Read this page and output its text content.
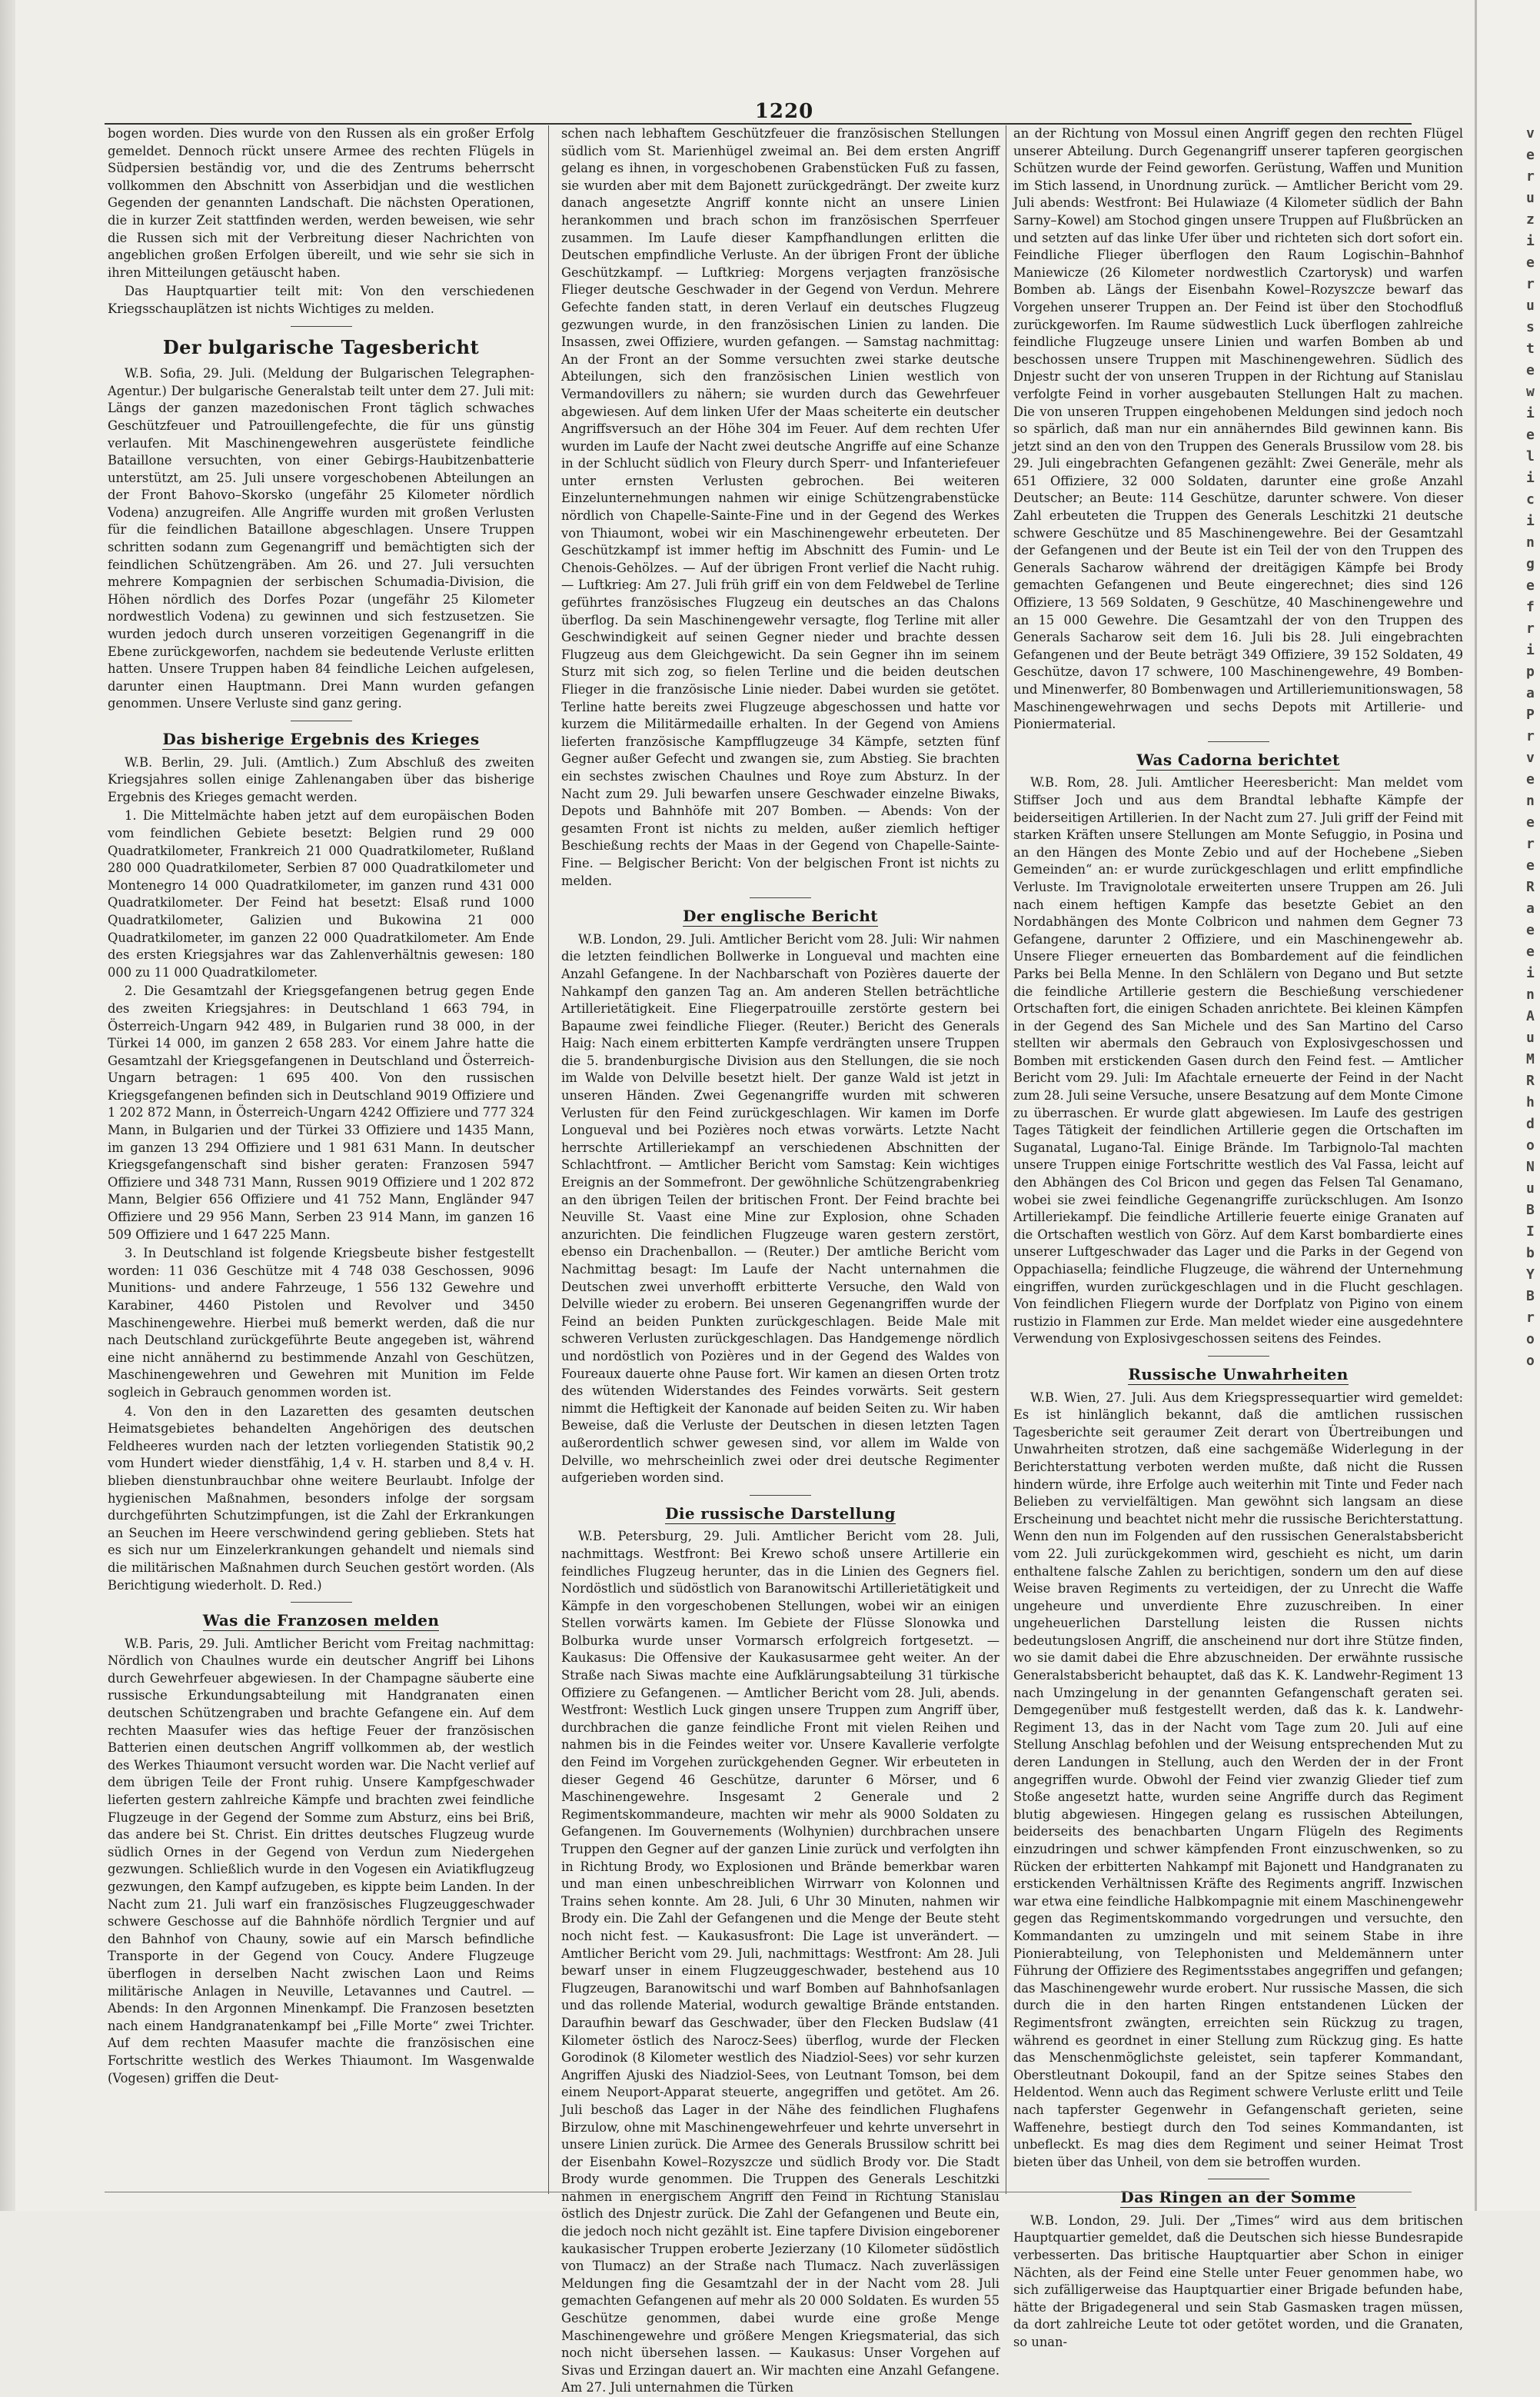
1220

bogen worden. Dies wurde von den Russen als ein großer Erfolg gemeldet. Dennoch rückt unsere Armee des rechten Flügels in Südpersien beständig vor, und die des Zentrums beherrscht vollkommen den Abschnitt von Asserbidjan und die westlichen Gegenden der genannten Landschaft. Die nächsten Operationen, die in kurzer Zeit stattfinden werden, werden beweisen, wie sehr die Russen sich mit der Verbreitung dieser Nachrichten von angeblichen großen Erfolgen übereilt, und wie sehr sie sich in ihren Mitteilungen getäuscht haben.

Das Hauptquartier teilt mit: Von den verschiedenen Kriegsschauplätzen ist nichts Wichtiges zu melden.

Der bulgarische Tagesbericht

W.B. Sofia, 29. Juli. (Meldung der Bulgarischen Telegraphen-Agentur.) Der bulgarische Generalstab teilt unter dem 27. Juli mit: Längs der ganzen mazedonischen Front täglich schwaches Geschützfeuer und Patrouillengefechte, die für uns günstig verlaufen. Mit Maschinengewehren ausgerüstete feindliche Bataillone versuchten, von einer Gebirgs-Haubitzenbatterie unterstützt, am 25. Juli unsere vorgeschobenen Abteilungen an der Front Bahovo–Skorsko (ungefähr 25 Kilometer nördlich Vodena) anzugreifen. Alle Angriffe wurden mit großen Verlusten für die feindlichen Bataillone abgeschlagen. Unsere Truppen schritten sodann zum Gegenangriff und bemächtigten sich der feindlichen Schützengräben. Am 26. und 27. Juli versuchten mehrere Kompagnien der serbischen Schumadia-Division, die Höhen nördlich des Dorfes Pozar (ungefähr 25 Kilometer nordwestlich Vodena) zu gewinnen und sich festzusetzen. Sie wurden jedoch durch unseren vorzeitigen Gegenangriff in die Ebene zurückgeworfen, nachdem sie bedeutende Verluste erlitten hatten. Unsere Truppen haben 84 feindliche Leichen aufgelesen, darunter einen Hauptmann. Drei Mann wurden gefangen genommen. Unsere Verluste sind ganz gering.

Das bisherige Ergebnis des Krieges

W.B. Berlin, 29. Juli. (Amtlich.) Zum Abschluß des zweiten Kriegsjahres sollen einige Zahlenangaben über das bisherige Ergebnis des Krieges gemacht werden.

1. Die Mittelmächte haben jetzt auf dem europäischen Boden vom feindlichen Gebiete besetzt: Belgien rund 29 000 Quadratkilometer, Frankreich 21 000 Quadratkilometer, Rußland 280 000 Quadratkilometer, Serbien 87 000 Quadratkilometer und Montenegro 14 000 Quadratkilometer, im ganzen rund 431 000 Quadratkilometer. Der Feind hat besetzt: Elsaß rund 1000 Quadratkilometer, Galizien und Bukowina 21 000 Quadratkilometer, im ganzen 22 000 Quadratkilometer. Am Ende des ersten Kriegsjahres war das Zahlenverhältnis gewesen: 180 000 zu 11 000 Quadratkilometer.

2. Die Gesamtzahl der Kriegsgefangenen betrug gegen Ende des zweiten Kriegsjahres: in Deutschland 1 663 794, in Österreich-Ungarn 942 489, in Bulgarien rund 38 000, in der Türkei 14 000, im ganzen 2 658 283. Vor einem Jahre hatte die Gesamtzahl der Kriegsgefangenen in Deutschland und Österreich-Ungarn betragen: 1 695 400. Von den russischen Kriegsgefangenen befinden sich in Deutschland 9019 Offiziere und 1 202 872 Mann, in Österreich-Ungarn 4242 Offiziere und 777 324 Mann, in Bulgarien und der Türkei 33 Offiziere und 1435 Mann, im ganzen 13 294 Offiziere und 1 981 631 Mann. In deutscher Kriegsgefangenschaft sind bisher geraten: Franzosen 5947 Offiziere und 348 731 Mann, Russen 9019 Offiziere und 1 202 872 Mann, Belgier 656 Offiziere und 41 752 Mann, Engländer 947 Offiziere und 29 956 Mann, Serben 23 914 Mann, im ganzen 16 509 Offiziere und 1 647 225 Mann.

3. In Deutschland ist folgende Kriegsbeute bisher festgestellt worden: 11 036 Geschütze mit 4 748 038 Geschossen, 9096 Munitions- und andere Fahrzeuge, 1 556 132 Gewehre und Karabiner, 4460 Pistolen und Revolver und 3450 Maschinengewehre. Hierbei muß bemerkt werden, daß die nur nach Deutschland zurückgeführte Beute angegeben ist, während eine nicht annähernd zu bestimmende Anzahl von Geschützen, Maschinengewehren und Gewehren mit Munition im Felde sogleich in Gebrauch genommen worden ist.

4. Von den in den Lazaretten des gesamten deutschen Heimatsgebietes behandelten Angehörigen des deutschen Feldheeres wurden nach der letzten vorliegenden Statistik 90,2 vom Hundert wieder dienstfähig, 1,4 v. H. starben und 8,4 v. H. blieben dienstunbrauchbar ohne weitere Beurlaubt. Infolge der hygienischen Maßnahmen, besonders infolge der sorgsam durchgeführten Schutzimpfungen, ist die Zahl der Erkrankungen an Seuchen im Heere verschwindend gering geblieben. Stets hat es sich nur um Einzelerkrankungen gehandelt und niemals sind die militärischen Maßnahmen durch Seuchen gestört worden. (Als Berichtigung wiederholt. D. Red.)

Was die Franzosen melden

W.B. Paris, 29. Juli. Amtlicher Bericht vom Freitag nachmittag: Nördlich von Chaulnes wurde ein deutscher Angriff bei Lihons durch Gewehrfeuer abgewiesen. In der Champagne säuberte eine russische Erkundungsabteilung mit Handgranaten einen deutschen Schützengraben und brachte Gefangene ein. Auf dem rechten Maasufer wies das heftige Feuer der französischen Batterien einen deutschen Angriff vollkommen ab, der westlich des Werkes Thiaumont versucht worden war. Die Nacht verlief auf dem übrigen Teile der Front ruhig. Unsere Kampfgeschwader lieferten gestern zahlreiche Kämpfe und brachten zwei feindliche Flugzeuge in der Gegend der Somme zum Absturz, eins bei Briß, das andere bei St. Christ. Ein drittes deutsches Flugzeug wurde südlich Ornes in der Gegend von Verdun zum Niedergehen gezwungen. Schließlich wurde in den Vogesen ein Aviatikflugzeug gezwungen, den Kampf aufzugeben, es kippte beim Landen. In der Nacht zum 21. Juli warf ein französisches Flugzeuggeschwader schwere Geschosse auf die Bahnhöfe nördlich Tergnier und auf den Bahnhof von Chauny, sowie auf ein Marsch befindliche Transporte in der Gegend von Coucy. Andere Flugzeuge überflogen in derselben Nacht zwischen Laon und Reims militärische Anlagen in Neuville, Letavannes und Cautrel. — Abends: In den Argonnen Minenkampf. Die Franzosen besetzten nach einem Handgranatenkampf bei „Fille Morte“ zwei Trichter. Auf dem rechten Maasufer machte die französischen eine Fortschritte westlich des Werkes Thiaumont. Im Wasgenwalde (Vogesen) griffen die Deut-

schen nach lebhaftem Geschützfeuer die französischen Stellungen südlich vom St. Marienhügel zweimal an. Bei dem ersten Angriff gelang es ihnen, in vorgeschobenen Grabenstücken Fuß zu fassen, sie wurden aber mit dem Bajonett zurückgedrängt. Der zweite kurz danach angesetzte Angriff konnte nicht an unsere Linien herankommen und brach schon im französischen Sperrfeuer zusammen. Im Laufe dieser Kampfhandlungen erlitten die Deutschen empfindliche Verluste. An der übrigen Front der übliche Geschützkampf. — Luftkrieg: Morgens verjagten französische Flieger deutsche Geschwader in der Gegend von Verdun. Mehrere Gefechte fanden statt, in deren Verlauf ein deutsches Flugzeug gezwungen wurde, in den französischen Linien zu landen. Die Insassen, zwei Offiziere, wurden gefangen. — Samstag nachmittag: An der Front an der Somme versuchten zwei starke deutsche Abteilungen, sich den französischen Linien westlich von Vermandovillers zu nähern; sie wurden durch das Gewehrfeuer abgewiesen. Auf dem linken Ufer der Maas scheiterte ein deutscher Angriffsversuch an der Höhe 304 im Feuer. Auf dem rechten Ufer wurden im Laufe der Nacht zwei deutsche Angriffe auf eine Schanze in der Schlucht südlich von Fleury durch Sperr- und Infanteriefeuer unter ernsten Verlusten gebrochen. Bei weiteren Einzelunternehmungen nahmen wir einige Schützengrabenstücke nördlich von Chapelle-Sainte-Fine und in der Gegend des Werkes von Thiaumont, wobei wir ein Maschinengewehr erbeuteten. Der Geschützkampf ist immer heftig im Abschnitt des Fumin- und Le Chenois-Gehölzes. — Auf der übrigen Front verlief die Nacht ruhig. — Luftkrieg: Am 27. Juli früh griff ein von dem Feldwebel de Terline geführtes französisches Flugzeug ein deutsches an das Chalons überflog. Da sein Maschinengewehr versagte, flog Terline mit aller Geschwindigkeit auf seinen Gegner nieder und brachte dessen Flugzeug aus dem Gleichgewicht. Da sein Gegner ihn im seinem Sturz mit sich zog, so fielen Terline und die beiden deutschen Flieger in die französische Linie nieder. Dabei wurden sie getötet. Terline hatte bereits zwei Flugzeuge abgeschossen und hatte vor kurzem die Militärmedaille erhalten. In der Gegend von Amiens lieferten französische Kampfflugzeuge 34 Kämpfe, setzten fünf Gegner außer Gefecht und zwangen sie, zum Abstieg. Sie brachten ein sechstes zwischen Chaulnes und Roye zum Absturz. In der Nacht zum 29. Juli bewarfen unsere Geschwader einzelne Biwaks, Depots und Bahnhöfe mit 207 Bomben. — Abends: Von der gesamten Front ist nichts zu melden, außer ziemlich heftiger Beschießung rechts der Maas in der Gegend von Chapelle-Sainte-Fine. — Belgischer Bericht: Von der belgischen Front ist nichts zu melden.

Der englische Bericht

W.B. London, 29. Juli. Amtlicher Bericht vom 28. Juli: Wir nahmen die letzten feindlichen Bollwerke in Longueval und machten eine Anzahl Gefangene. In der Nachbarschaft von Pozières dauerte der Nahkampf den ganzen Tag an. Am anderen Stellen beträchtliche Artillerietätigkeit. Eine Fliegerpatrouille zerstörte gestern bei Bapaume zwei feindliche Flieger. (Reuter.) Bericht des Generals Haig: Nach einem erbitterten Kampfe verdrängten unsere Truppen die 5. brandenburgische Division aus den Stellungen, die sie noch im Walde von Delville besetzt hielt. Der ganze Wald ist jetzt in unseren Händen. Zwei Gegenangriffe wurden mit schweren Verlusten für den Feind zurückgeschlagen. Wir kamen im Dorfe Longueval und bei Pozières noch etwas vorwärts. Letzte Nacht herrschte Artilleriekampf an verschiedenen Abschnitten der Schlachtfront. — Amtlicher Bericht vom Samstag: Kein wichtiges Ereignis an der Sommefront. Der gewöhnliche Schützengrabenkrieg an den übrigen Teilen der britischen Front. Der Feind brachte bei Neuville St. Vaast eine Mine zur Explosion, ohne Schaden anzurichten. Die feindlichen Flugzeuge waren gestern zerstört, ebenso ein Drachenballon. — (Reuter.) Der amtliche Bericht vom Nachmittag besagt: Im Laufe der Nacht unternahmen die Deutschen zwei unverhofft erbitterte Versuche, den Wald von Delville wieder zu erobern. Bei unseren Gegenangriffen wurde der Feind an beiden Punkten zurückgeschlagen. Beide Male mit schweren Verlusten zurückgeschlagen. Das Handgemenge nördlich und nordöstlich von Pozières und in der Gegend des Waldes von Foureaux dauerte ohne Pause fort. Wir kamen an diesen Orten trotz des wütenden Widerstandes des Feindes vorwärts. Seit gestern nimmt die Heftigkeit der Kanonade auf beiden Seiten zu. Wir haben Beweise, daß die Verluste der Deutschen in diesen letzten Tagen außerordentlich schwer gewesen sind, vor allem im Walde von Delville, wo mehrscheinlich zwei oder drei deutsche Regimenter aufgerieben worden sind.

Die russische Darstellung

W.B. Petersburg, 29. Juli. Amtlicher Bericht vom 28. Juli, nachmittags. Westfront: Bei Krewo schoß unsere Artillerie ein feindliches Flugzeug herunter, das in die Linien des Gegners fiel. Nordöstlich und südöstlich von Baranowitschi Artillerietätigkeit und Kämpfe in den vorgeschobenen Stellungen, wobei wir an einigen Stellen vorwärts kamen. Im Gebiete der Flüsse Slonowka und Bolburka wurde unser Vormarsch erfolgreich fortgesetzt. — Kaukasus: Die Offensive der Kaukasusarmee geht weiter. An der Straße nach Siwas machte eine Aufklärungsabteilung 31 türkische Offiziere zu Gefangenen. — Amtlicher Bericht vom 28. Juli, abends. Westfront: Westlich Luck gingen unsere Truppen zum Angriff über, durchbrachen die ganze feindliche Front mit vielen Reihen und nahmen bis in die Feindes weiter vor. Unsere Kavallerie verfolgte den Feind im Vorgehen zurückgehenden Gegner. Wir erbeuteten in dieser Gegend 46 Geschütze, darunter 6 Mörser, und 6 Maschinengewehre. Insgesamt 2 Generale und 2 Regimentskommandeure, machten wir mehr als 9000 Soldaten zu Gefangenen. Im Gouvernements (Wolhynien) durchbrachen unsere Truppen den Gegner auf der ganzen Linie zurück und verfolgten ihn in Richtung Brody, wo Explosionen und Brände bemerkbar waren und man einen unbeschreiblichen Wirrwarr von Kolonnen und Trains sehen konnte. Am 28. Juli, 6 Uhr 30 Minuten, nahmen wir Brody ein. Die Zahl der Gefangenen und die Menge der Beute steht noch nicht fest. — Kaukasusfront: Die Lage ist unverändert. — Amtlicher Bericht vom 29. Juli, nachmittags: Westfront: Am 28. Juli bewarf unser in einem Flugzeuggeschwader, bestehend aus 10 Flugzeugen, Baranowitschi und warf Bomben auf Bahnhofsanlagen und das rollende Material, wodurch gewaltige Brände entstanden. Daraufhin bewarf das Geschwader, über den Flecken Budslaw (41 Kilometer östlich des Narocz-Sees) überflog, wurde der Flecken Gorodinok (8 Kilometer westlich des Niadziol-Sees) vor sehr kurzen Angriffen Ajuski des Niadziol-Sees, von Leutnant Tomson, bei dem einem Neuport-Apparat steuerte, angegriffen und getötet. Am 26. Juli beschoß das Lager in der Nähe des feindlichen Flughafens Birzulow, ohne mit Maschinengewehrfeuer und kehrte unversehrt in unsere Linien zurück. Die Armee des Generals Brussilow schritt bei der Eisenbahn Kowel–Rozyszcze und südlich Brody vor. Die Stadt Brody wurde genommen. Die Truppen des Generals Leschitzki nahmen in energischem Angriff den Feind in Richtung Stanislau östlich des Dnjestr zurück. Die Zahl der Gefangenen und Beute ein, die jedoch noch nicht gezählt ist. Eine tapfere Division eingeborener kaukasischer Truppen eroberte Jezierzany (10 Kilometer südöstlich von Tlumacz) an der Straße nach Tlumacz. Nach zuverlässigen Meldungen fing die Gesamtzahl der in der Nacht vom 28. Juli gemachten Gefangenen auf mehr als 20 000 Soldaten. Es wurden 55 Geschütze genommen, dabei wurde eine große Menge Maschinengewehre und größere Mengen Kriegsmaterial, das sich noch nicht übersehen lassen. — Kaukasus: Unser Vorgehen auf Sivas und Erzingan dauert an. Wir machten eine Anzahl Gefangene. Am 27. Juli unternahmen die Türken

an der Richtung von Mossul einen Angriff gegen den rechten Flügel unserer Abteilung. Durch Gegenangriff unserer tapferen georgischen Schützen wurde der Feind geworfen. Gerüstung, Waffen und Munition im Stich lassend, in Unordnung zurück. — Amtlicher Bericht vom 29. Juli abends: Westfront: Bei Hulawiaze (4 Kilometer südlich der Bahn Sarny–Kowel) am Stochod gingen unsere Truppen auf Flußbrücken an und setzten auf das linke Ufer über und richteten sich dort sofort ein. Feindliche Flieger überflogen den Raum Logischin–Bahnhof Maniewicze (26 Kilometer nordwestlich Czartorysk) und warfen Bomben ab. Längs der Eisenbahn Kowel–Rozyszcze bewarf das Vorgehen unserer Truppen an. Der Feind ist über den Stochodfluß zurückgeworfen. Im Raume südwestlich Luck überflogen zahlreiche feindliche Flugzeuge unsere Linien und warfen Bomben ab und beschossen unsere Truppen mit Maschinengewehren. Südlich des Dnjestr sucht der von unseren Truppen in der Richtung auf Stanislau verfolgte Feind in vorher ausgebauten Stellungen Halt zu machen. Die von unseren Truppen eingehobenen Meldungen sind jedoch noch so spärlich, daß man nur ein annäherndes Bild gewinnen kann. Bis jetzt sind an den von den Truppen des Generals Brussilow vom 28. bis 29. Juli eingebrachten Gefangenen gezählt: Zwei Generäle, mehr als 651 Offiziere, 32 000 Soldaten, darunter eine große Anzahl Deutscher; an Beute: 114 Geschütze, darunter schwere. Von dieser Zahl erbeuteten die Truppen des Generals Leschitzki 21 deutsche schwere Geschütze und 85 Maschinengewehre. Bei der Gesamtzahl der Gefangenen und der Beute ist ein Teil der von den Truppen des Generals Sacharow während der dreitägigen Kämpfe bei Brody gemachten Gefangenen und Beute eingerechnet; dies sind 126 Offiziere, 13 569 Soldaten, 9 Geschütze, 40 Maschinengewehre und an 15 000 Gewehre. Die Gesamtzahl der von den Truppen des Generals Sacharow seit dem 16. Juli bis 28. Juli eingebrachten Gefangenen und der Beute beträgt 349 Offiziere, 39 152 Soldaten, 49 Geschütze, davon 17 schwere, 100 Maschinengewehre, 49 Bomben- und Minenwerfer, 80 Bombenwagen und Artilleriemunitionswagen, 58 Maschinengewehrwagen und sechs Depots mit Artillerie- und Pioniermaterial.

Was Cadorna berichtet

W.B. Rom, 28. Juli. Amtlicher Heeresbericht: Man meldet vom Stiffser Joch und aus dem Brandtal lebhafte Kämpfe der beiderseitigen Artillerien. In der Nacht zum 27. Juli griff der Feind mit starken Kräften unsere Stellungen am Monte Sefuggio, in Posina und an den Hängen des Monte Zebio und auf der Hochebene „Sieben Gemeinden“ an: er wurde zurückgeschlagen und erlitt empfindliche Verluste. Im Travignolotale erweiterten unsere Truppen am 26. Juli nach einem heftigen Kampfe das besetzte Gebiet an den Nordabhängen des Monte Colbricon und nahmen dem Gegner 73 Gefangene, darunter 2 Offiziere, und ein Maschinengewehr ab. Unsere Flieger erneuerten das Bombardement auf die feindlichen Parks bei Bella Menne. In den Schlälern von Degano und But setzte die feindliche Artillerie gestern die Beschießung verschiedener Ortschaften fort, die einigen Schaden anrichtete. Bei kleinen Kämpfen in der Gegend des San Michele und des San Martino del Carso stellten wir abermals den Gebrauch von Explosivgeschossen und Bomben mit erstickenden Gasen durch den Feind fest. — Amtlicher Bericht vom 29. Juli: Im Afachtale erneuerte der Feind in der Nacht zum 28. Juli seine Versuche, unsere Besatzung auf dem Monte Cimone zu überraschen. Er wurde glatt abgewiesen. Im Laufe des gestrigen Tages Tätigkeit der feindlichen Artillerie gegen die Ortschaften im Suganatal, Lugano-Tal. Einige Brände. Im Tarbignolo-Tal machten unsere Truppen einige Fortschritte westlich des Val Fassa, leicht auf den Abhängen des Col Bricon und gegen das Felsen Tal Genamano, wobei sie zwei feindliche Gegenangriffe zurückschlugen. Am Isonzo Artilleriekampf. Die feindliche Artillerie feuerte einige Granaten auf die Ortschaften westlich von Görz. Auf dem Karst bombardierte eines unserer Luftgeschwader das Lager und die Parks in der Gegend von Oppachiasella; feindliche Flugzeuge, die während der Unternehmung eingriffen, wurden zurückgeschlagen und in die Flucht geschlagen. Von feindlichen Fliegern wurde der Dorfplatz von Pigino von einem rustizio in Flammen zur Erde. Man meldet wieder eine ausgedehntere Verwendung von Explosivgeschossen seitens des Feindes.

Russische Unwahrheiten

W.B. Wien, 27. Juli. Aus dem Kriegspressequartier wird gemeldet: Es ist hinlänglich bekannt, daß die amtlichen russischen Tagesberichte seit geraumer Zeit derart von Übertreibungen und Unwahrheiten strotzen, daß eine sachgemäße Widerlegung in der Berichterstattung verboten werden mußte, daß nicht die Russen hindern würde, ihre Erfolge auch weiterhin mit Tinte und Feder nach Belieben zu vervielfältigen. Man gewöhnt sich langsam an diese Erscheinung und beachtet nicht mehr die russische Berichterstattung. Wenn den nun im Folgenden auf den russischen Generalstabsbericht vom 22. Juli zurückgekommen wird, geschieht es nicht, um darin enthaltene falsche Zahlen zu berichtigen, sondern um den auf diese Weise braven Regiments zu verteidigen, der zu Unrecht die Waffe ungeheure und unverdiente Ehre zuzuschreiben. In einer ungeheuerlichen Darstellung leisten die Russen nichts bedeutungslosen Angriff, die anscheinend nur dort ihre Stütze finden, wo sie damit dabei die Ehre abzuschneiden. Der erwähnte russische Generalstabsbericht behauptet, daß das K. K. Landwehr-Regiment 13 nach Umzingelung in der genannten Gefangenschaft geraten sei. Demgegenüber muß festgestellt werden, daß das k. k. Landwehr-Regiment 13, das in der Nacht vom Tage zum 20. Juli auf eine Stellung Anschlag befohlen und der Weisung entsprechenden Mut zu deren Landungen in Stellung, auch den Werden der in der Front angegriffen wurde. Obwohl der Feind vier zwanzig Glieder tief zum Stoße angesetzt hatte, wurden seine Angriffe durch das Regiment blutig abgewiesen. Hingegen gelang es russischen Abteilungen, beiderseits des benachbarten Ungarn Flügeln des Regiments einzudringen und schwer kämpfenden Front einzuschwenken, so zu Rücken der erbitterten Nahkampf mit Bajonett und Handgranaten zu erstickenden Verhältnissen Kräfte des Regiments angriff. Inzwischen war etwa eine feindliche Halbkompagnie mit einem Maschinengewehr gegen das Regimentskommando vorgedrungen und versuchte, den Kommandanten zu umzingeln und mit seinem Stabe in ihre Pionierabteilung, von Telephonisten und Meldemännern unter Führung der Offiziere des Regimentsstabes angegriffen und gefangen; das Maschinengewehr wurde erobert. Nur russische Massen, die sich durch die in den harten Ringen entstandenen Lücken der Regimentsfront zwängten, erreichten sein Rückzug zu tragen, während es geordnet in einer Stellung zum Rückzug ging. Es hatte das Menschenmöglichste geleistet, sein tapferer Kommandant, Oberstleutnant Dokoupil, fand an der Spitze seines Stabes den Heldentod. Wenn auch das Regiment schwere Verluste erlitt und Teile nach tapferster Gegenwehr in Gefangenschaft gerieten, seine Waffenehre, bestiegt durch den Tod seines Kommandanten, ist unbefleckt. Es mag dies dem Regiment und seiner Heimat Trost bieten über das Unheil, von dem sie betroffen wurden.

Das Ringen an der Somme

W.B. London, 29. Juli. Der „Times“ wird aus dem britischen Hauptquartier gemeldet, daß die Deutschen sich hiesse Bundesrapide verbesserten. Das britische Hauptquartier aber Schon in einiger Nächten, als der Feind eine Stelle unter Feuer genommen habe, wo sich zufälligerweise das Hauptquartier einer Brigade befunden habe, hätte der Brigadegeneral und sein Stab Gasmasken tragen müssen, da dort zahlreiche Leute tot oder getötet worden, und die Granaten, so unan-

ve ru z ie ru ste wie lic in ge fri pa Pr ve ne re R a e e in A u M R h d o N u B I b Y B ro o
